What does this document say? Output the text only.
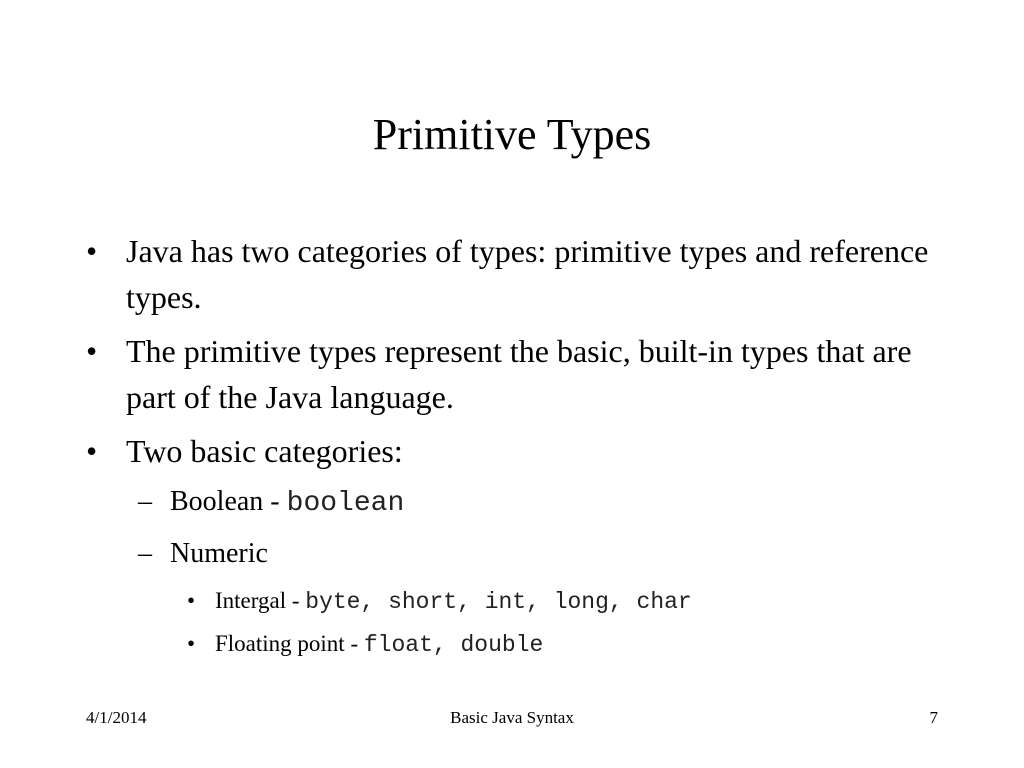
Primitive Types
• Java has two categories of types: primitive types and reference types.
• The primitive types represent the basic, built-in types that are part of the Java language.
• Two basic categories:
– Boolean - boolean
– Numeric
• Intergal - byte, short, int, long, char
• Floating point - float, double
4/1/2014	Basic Java Syntax	7
